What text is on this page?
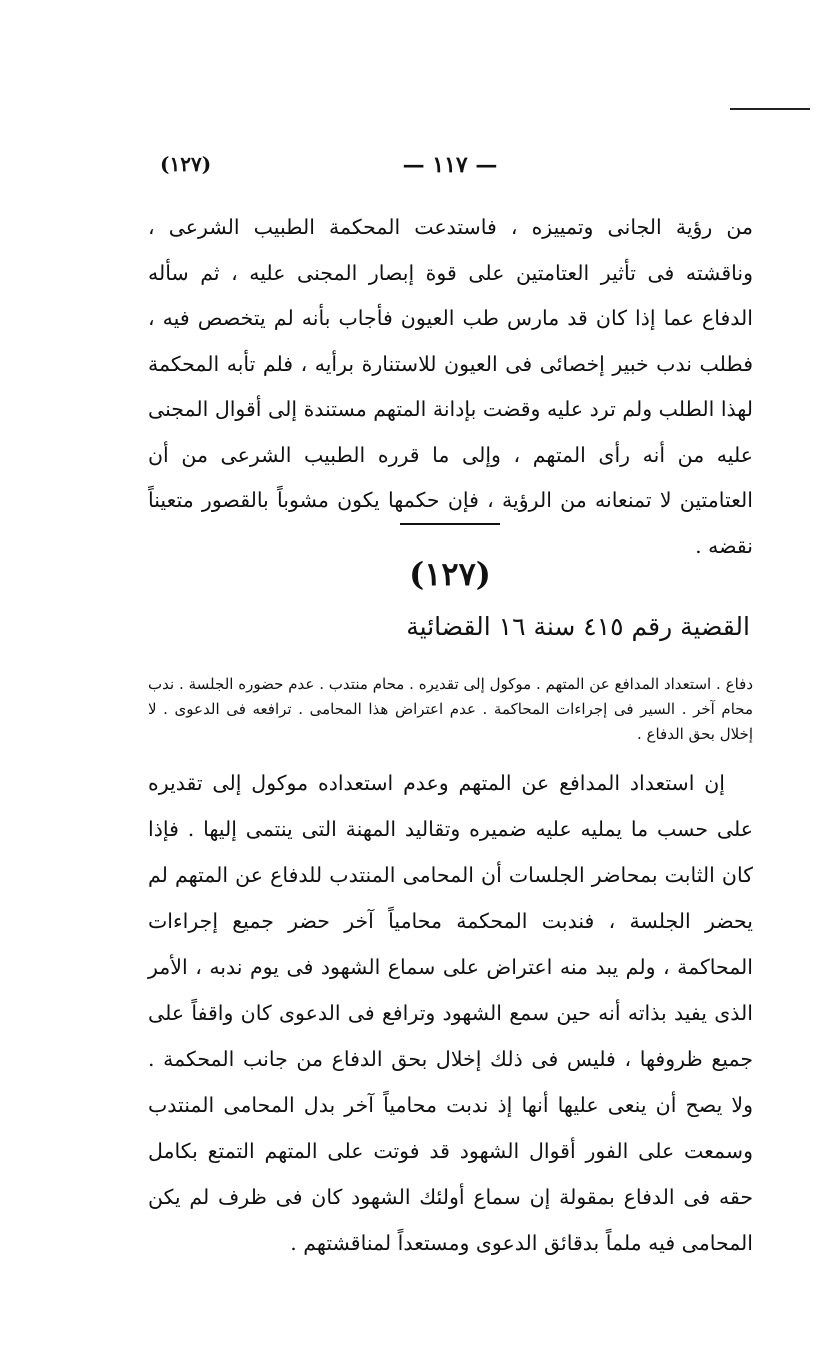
(١٢٧)	— ١١٧ —
من رؤية الجانى وتمييزه ، فاستدعت المحكمة الطبيب الشرعى ، وناقشته فى تأثير العتامتين على قوة إبصار المجنى عليه ، ثم سأله الدفاع عما إذا كان قد مارس طب العيون فأجاب بأنه لم يتخصص فيه ، فطلب ندب خبير إخصائى فى العيون للاستنارة برأيه ، فلم تأبه المحكمة لهذا الطلب ولم ترد عليه وقضت بإدانة المتهم مستندة إلى أقوال المجنى عليه من أنه رأى المتهم ، وإلى ما قرره الطبيب الشرعى من أن العتامتين لا تمنعانه من الرؤية ، فإن حكمها يكون مشوباً بالقصور متعيناً نقضه .
(١٢٧)
القضية رقم ٤١٥ سنة ١٦ القضائية
دفاع . استعداد المدافع عن المتهم . موكول إلى تقديره . محام منتدب . عدم حضوره الجلسة . ندب محام آخر . السير فى إجراءات المحاكمة . عدم اعتراض هذا المحامى . ترافعه فى الدعوى . لا إخلال بحق الدفاع .

إن استعداد المدافع عن المتهم وعدم استعداده موكول إلى تقديره على حسب ما يمليه عليه ضميره وتقاليد المهنة التى ينتمى إليها . فإذا كان الثابت بمحاضر الجلسات أن المحامى المنتدب للدفاع عن المتهم لم يحضر الجلسة ، فندبت المحكمة محامياً آخر حضر جميع إجراءات المحاكمة ، ولم يبد منه اعتراض على سماع الشهود فى يوم ندبه ، الأمر الذى يفيد بذاته أنه حين سمع الشهود وترافع فى الدعوى كان واقفاً على جميع ظروفها ، فليس فى ذلك إخلال بحق الدفاع من جانب المحكمة . ولا يصح أن ينعى عليها أنها إذ ندبت محامياً آخر بدل المحامى المنتدب وسمعت على الفور أقوال الشهود قد فوتت على المتهم التمتع بكامل حقه فى الدفاع بمقولة إن سماع أولئك الشهود كان فى ظرف لم يكن المحامى فيه ملماً بدقائق الدعوى ومستعداً لمناقشتهم .
